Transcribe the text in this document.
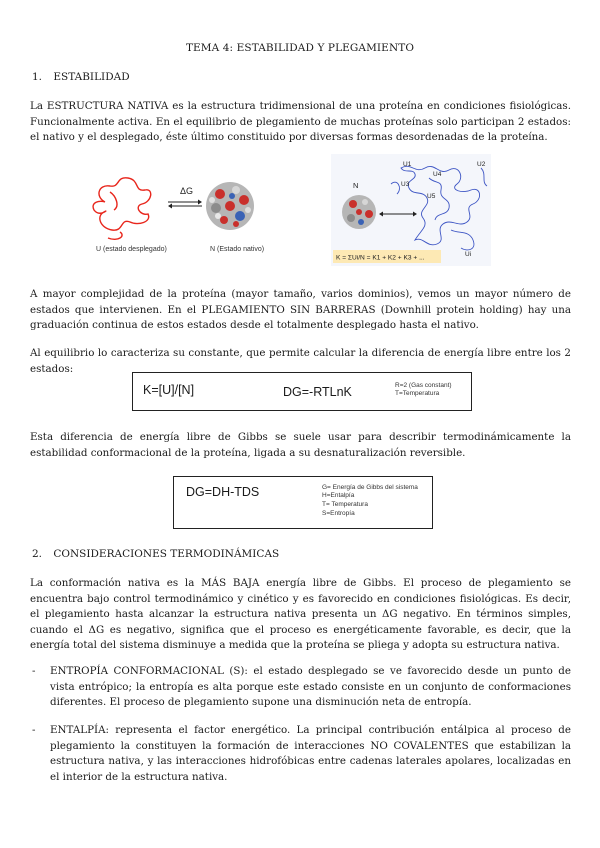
TEMA 4: ESTABILIDAD Y PLEGAMIENTO
1. ESTABILIDAD
La ESTRUCTURA NATIVA es la estructura tridimensional de una proteína en condiciones fisiológicas. Funcionalmente activa. En el equilibrio de plegamiento de muchas proteínas solo participan 2 estados: el nativo y el desplegado, éste último constituido por diversas formas desordenadas de la proteína.
ΔG
U (estado desplegado)	N (Estado nativo)
N
U1	U2
U3
U4
U5
Ui
K = ΣUi/N = K1 + K2 + K3 + ...
A mayor complejidad de la proteína (mayor tamaño, varios dominios), vemos un mayor número de estados que intervienen. En el PLEGAMIENTO SIN BARRERAS (Downhill protein holding) hay una graduación continua de estos estados desde el totalmente desplegado hasta el nativo.
Al equilibrio lo caracteriza su constante, que permite calcular la diferencia de energía libre entre los 2 estados:
K=[U]/[N]	DG=-RTLnK	R=2 (Gas constant)
T=Temperatura
Esta diferencia de energía libre de Gibbs se suele usar para describir termodinámicamente la estabilidad conformacional de la proteína, ligada a su desnaturalización reversible.
DG=DH-TDS	G= Energía de Gibbs del sistema
H=Entalpía
T= Temperatura
S=Entropía
2. CONSIDERACIONES TERMODINÁMICAS
La conformación nativa es la MÁS BAJA energía libre de Gibbs. El proceso de plegamiento se encuentra bajo control termodinámico y cinético y es favorecido en condiciones fisiológicas. Es decir, el plegamiento hasta alcanzar la estructura nativa presenta un ΔG negativo. En términos simples, cuando el ΔG es negativo, significa que el proceso es energéticamente favorable, es decir, que la energía total del sistema disminuye a medida que la proteína se pliega y adopta su estructura nativa.
- ENTROPÍA CONFORMACIONAL (S): el estado desplegado se ve favorecido desde un punto de vista entrópico; la entropía es alta porque este estado consiste en un conjunto de conformaciones diferentes. El proceso de plegamiento supone una disminución neta de entropía.
- ENTALPÍA: representa el factor energético. La principal contribución entálpica al proceso de plegamiento la constituyen la formación de interacciones NO COVALENTES que estabilizan la estructura nativa, y las interacciones hidrofóbicas entre cadenas laterales apolares, localizadas en el interior de la estructura nativa.
